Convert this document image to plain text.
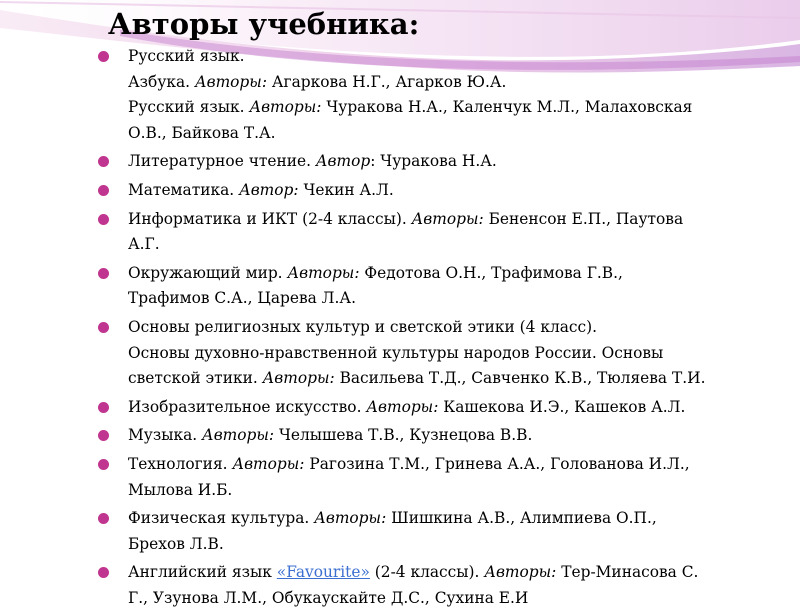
Авторы учебника:
Русский язык.
Азбука. Авторы: Агаркова Н.Г., Агарков Ю.А.
Русский язык. Авторы: Чуракова Н.А., Каленчук М.Л., Малаховская
О.В., Байкова Т.А.
Литературное чтение. Автор: Чуракова Н.А.
Математика. Автор: Чекин А.Л.
Информатика и ИКТ (2-4 классы). Авторы: Бененсон Е.П., Паутова
А.Г.
Окружающий мир. Авторы: Федотова О.Н., Трафимова Г.В.,
Трафимов С.А., Царева Л.А.
Основы религиозных культур и светской этики (4 класс).
Основы духовно-нравственной культуры народов России. Основы
светской этики. Авторы: Васильева Т.Д., Савченко К.В., Тюляева Т.И.
Изобразительное искусство. Авторы: Кашекова И.Э., Кашеков А.Л.
Музыка. Авторы: Челышева Т.В., Кузнецова В.В.
Технология. Авторы: Рагозина Т.М., Гринева А.А., Голованова И.Л.,
Мылова И.Б.
Физическая культура. Авторы: Шишкина А.В., Алимпиева О.П.,
Брехов Л.В.
Английский язык «Favourite» (2-4 классы). Авторы: Тер-Минасова С.
Г., Узунова Л.М., Обукаускайте Д.С., Сухина Е.И
